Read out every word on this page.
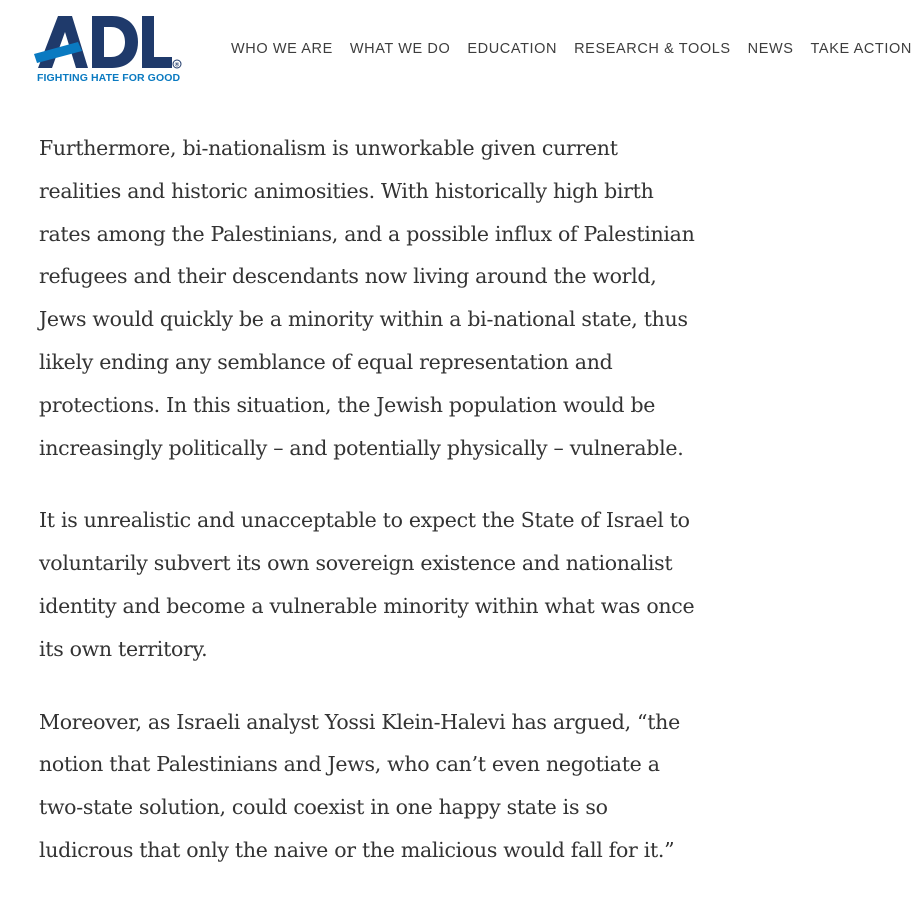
®
FIGHTING HATE FOR GOOD
WHO WE ARE WHAT WE DO EDUCATION RESEARCH & TOOLS NEWS TAKE ACTION

Furthermore, bi-nationalism is unworkable given current
realities and historic animosities. With historically high birth
rates among the Palestinians, and a possible influx of Palestinian
refugees and their descendants now living around the world,
Jews would quickly be a minority within a bi-national state, thus
likely ending any semblance of equal representation and
protections. In this situation, the Jewish population would be
increasingly politically – and potentially physically – vulnerable.

It is unrealistic and unacceptable to expect the State of Israel to
voluntarily subvert its own sovereign existence and nationalist
identity and become a vulnerable minority within what was once
its own territory.

Moreover, as Israeli analyst Yossi Klein-Halevi has argued, “the
notion that Palestinians and Jews, who can’t even negotiate a
two-state solution, could coexist in one happy state is so
ludicrous that only the naive or the malicious would fall for it.”
